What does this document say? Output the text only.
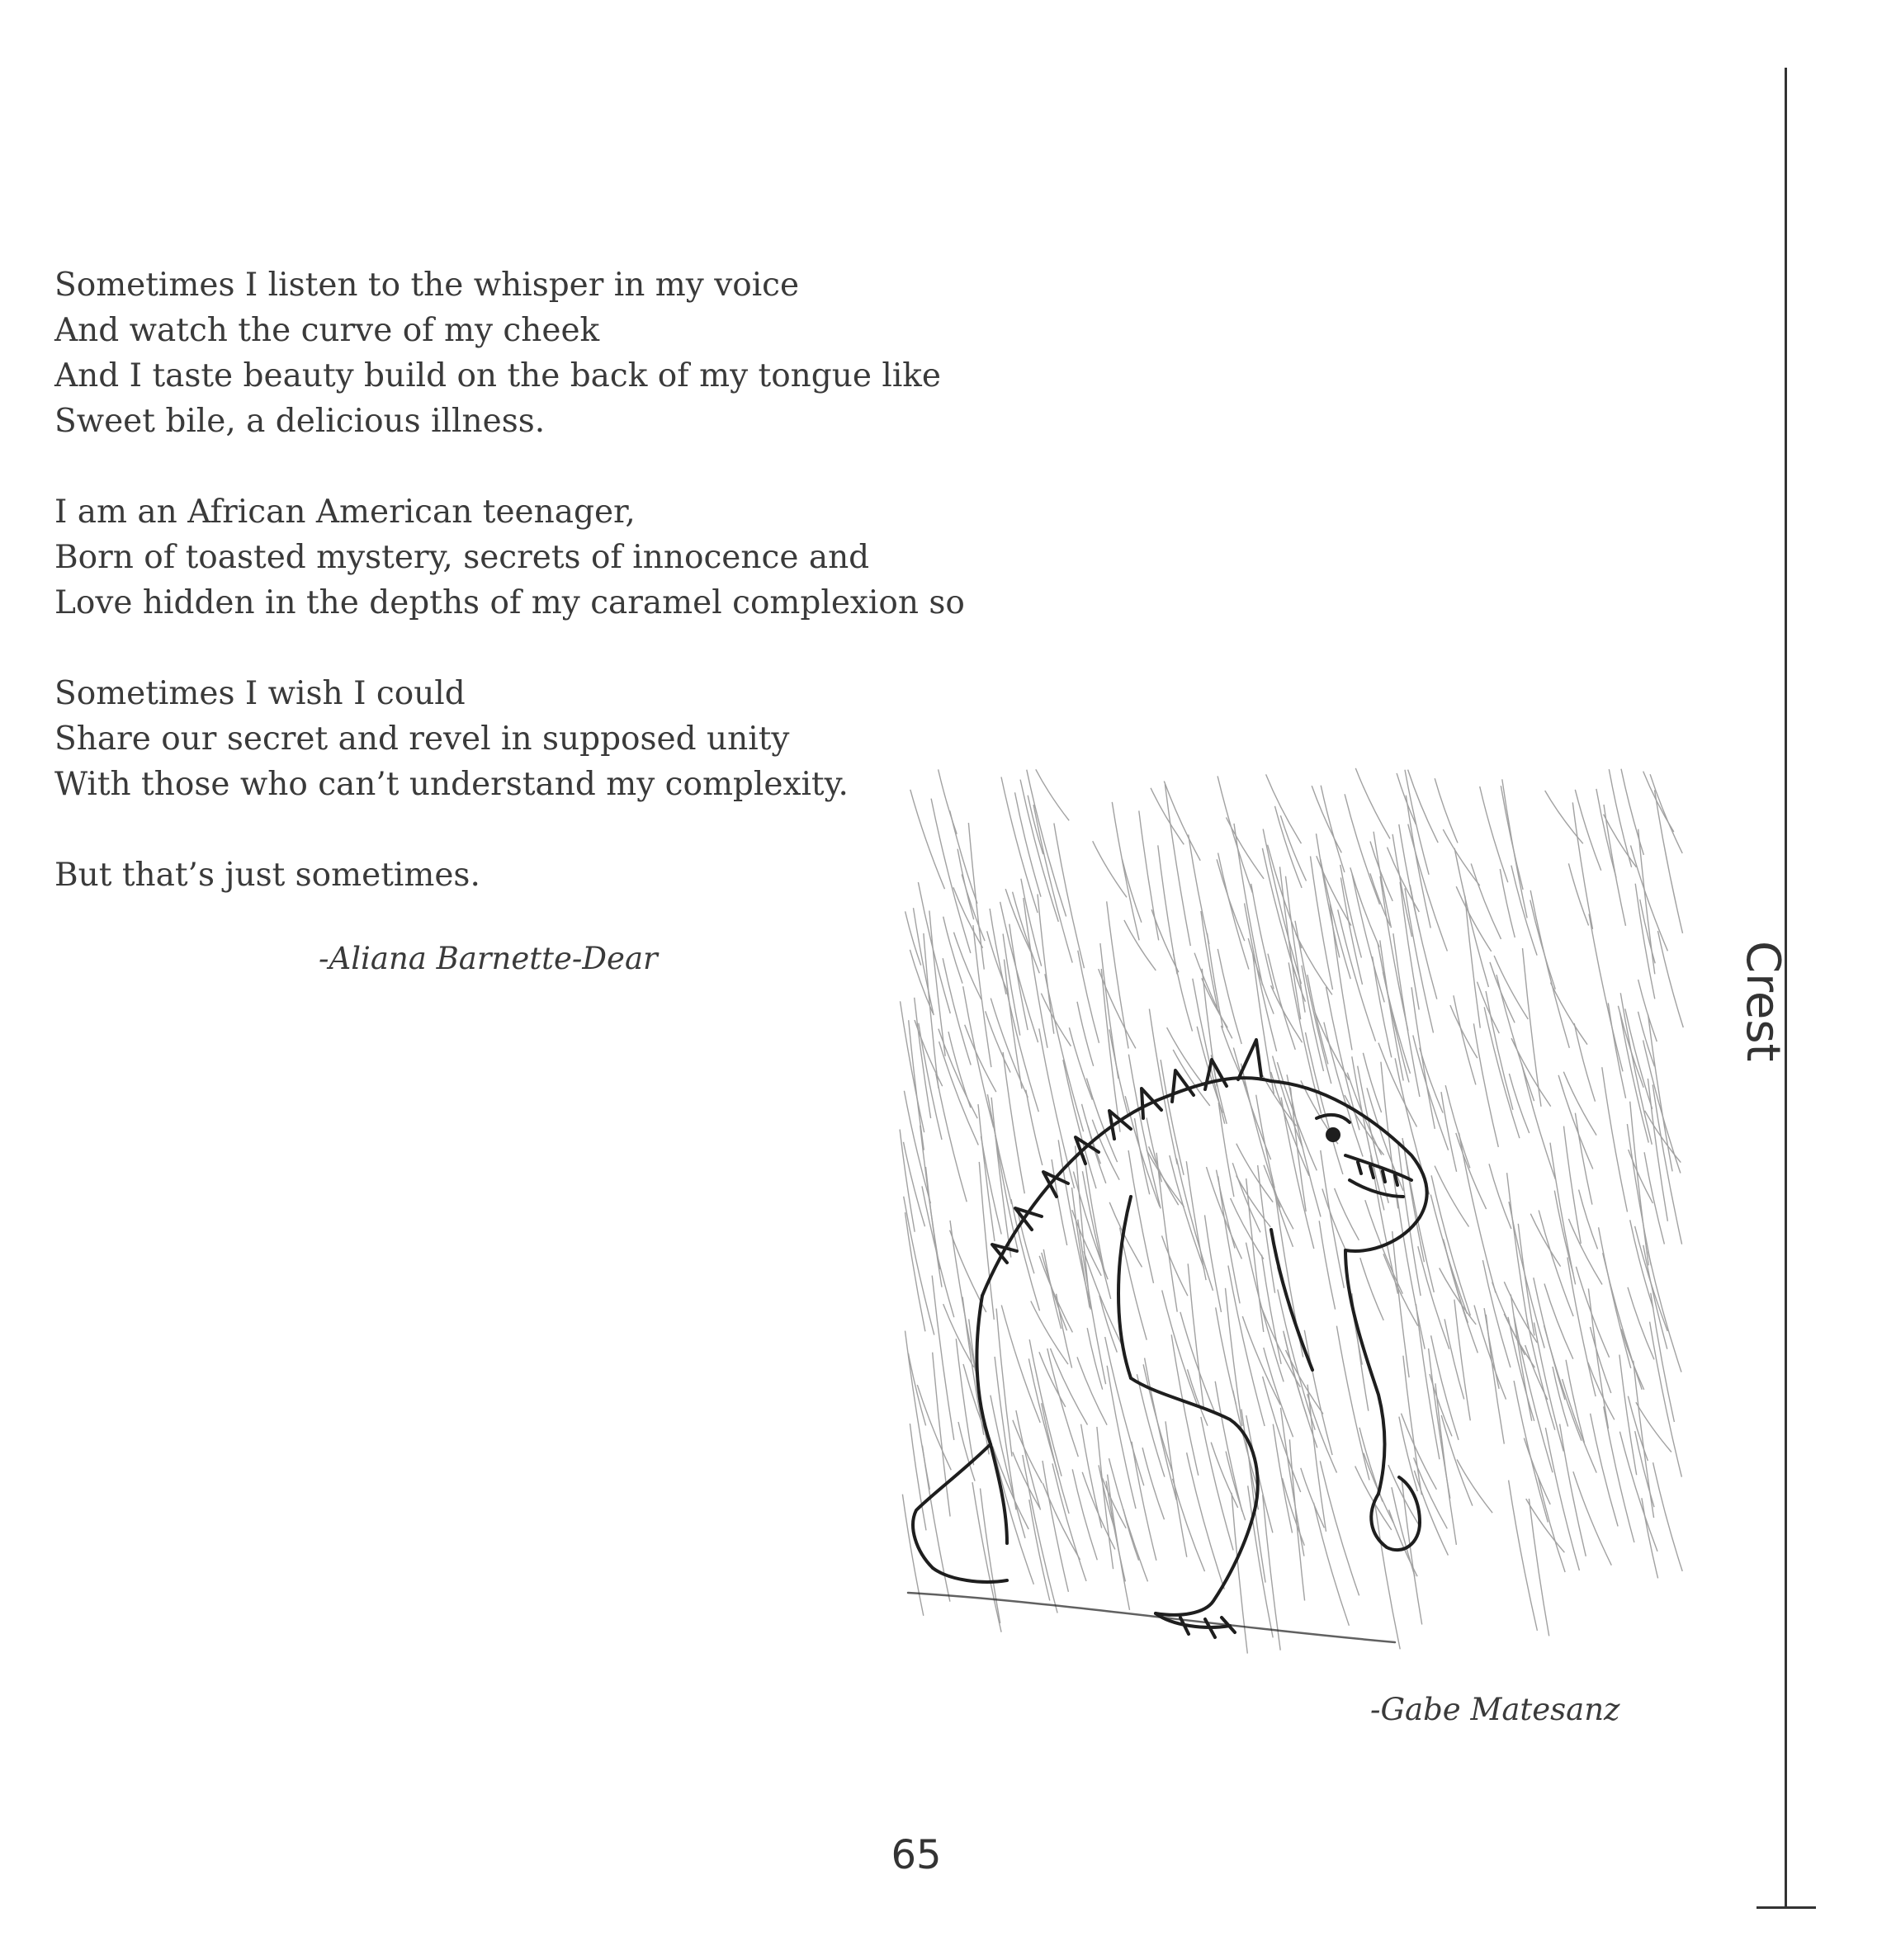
Sometimes I listen to the whisper in my voice
And watch the curve of my cheek
And I taste beauty build on the back of my tongue like
Sweet bile, a delicious illness.
I am an African American teenager,
Born of toasted mystery, secrets of innocence and
Love hidden in the depths of my caramel complexion so
Sometimes I wish I could
Share our secret and revel in supposed unity
With those who can’t understand my complexity.
But that’s just sometimes.
-Aliana Barnette-Dear
-Gabe Matesanz
65
Crest
